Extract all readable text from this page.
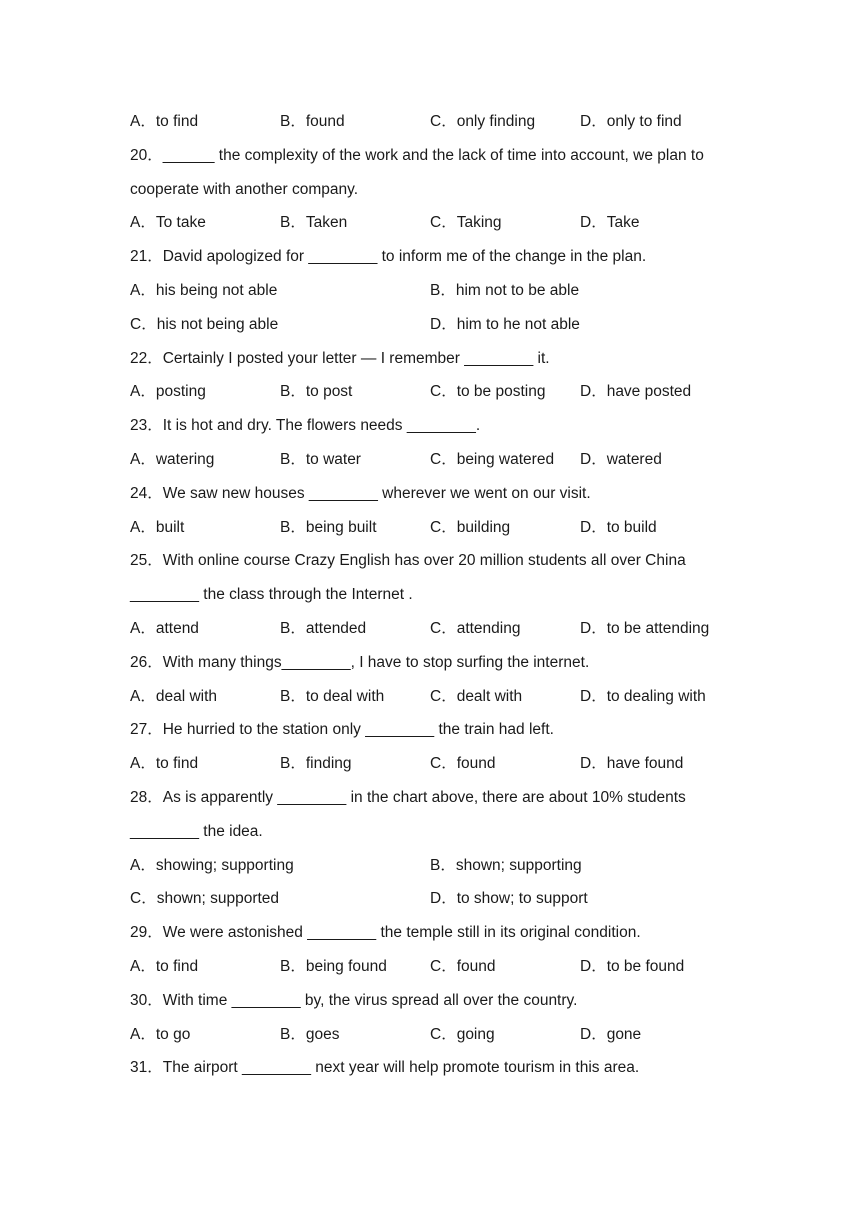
A．to find	B．found	C．only finding	D．only to find
20．______ the complexity of the work and the lack of time into account, we plan to
cooperate with another company.
A．To take	B．Taken	C．Taking	D．Take
21．David apologized for ________ to inform me of the change in the plan.
A．his being not able	B．him not to be able
C．his not being able	D．him to he not able
22．Certainly I posted your letter — I remember ________ it.
A．posting	B．to post	C．to be posting	D．have posted
23．It is hot and dry. The flowers needs ________.
A．watering	B．to water	C．being watered	D．watered
24．We saw new houses ________ wherever we went on our visit.
A．built	B．being built	C．building	D．to build
25．With online course Crazy English has over 20 million students all over China
________ the class through the Internet .
A．attend	B．attended	C．attending	D．to be attending
26．With many things________, I have to stop surfing the internet.
A．deal with	B．to deal with	C．dealt with	D．to dealing with
27．He hurried to the station only ________ the train had left.
A．to find	B．finding	C．found	D．have found
28．As is apparently ________ in the chart above, there are about 10% students
________ the idea.
A．showing; supporting	B．shown; supporting
C．shown; supported	D．to show; to support
29．We were astonished ________ the temple still in its original condition.
A．to find	B．being found	C．found	D．to be found
30．With time ________ by, the virus spread all over the country.
A．to go	B．goes	C．going	D．gone
31．The airport ________ next year will help promote tourism in this area.
